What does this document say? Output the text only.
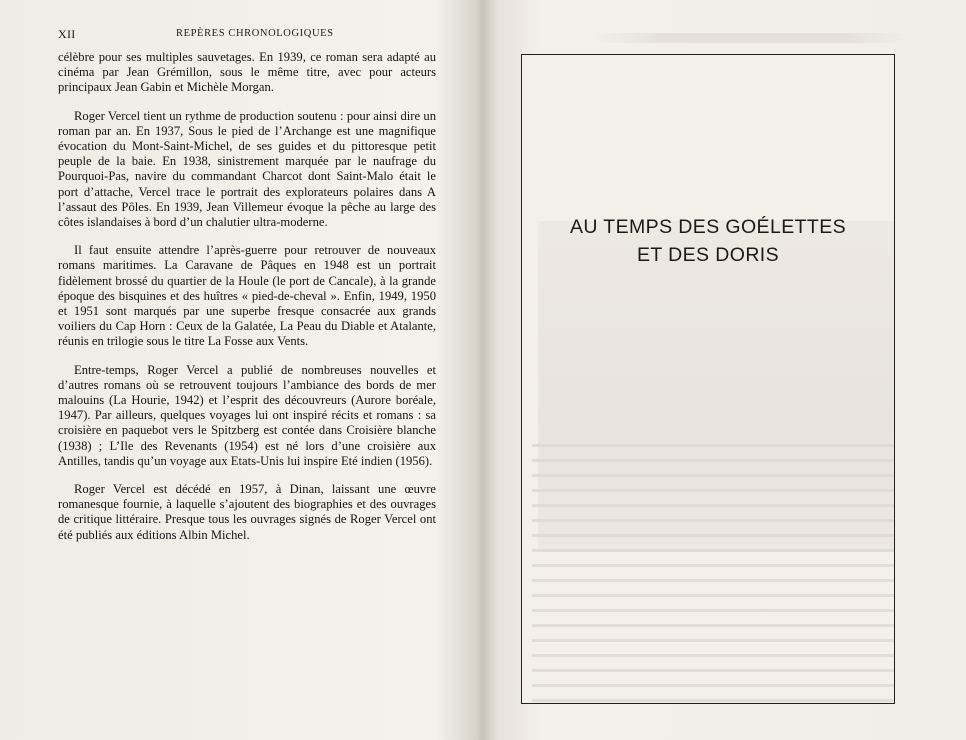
XII	REPÈRES CHRONOLOGIQUES

célèbre pour ses multiples sauvetages. En 1939, ce roman sera adapté au cinéma par Jean Grémillon, sous le même titre, avec pour acteurs principaux Jean Gabin et Michèle Morgan.

Roger Vercel tient un rythme de production soutenu : pour ainsi dire un roman par an. En 1937, Sous le pied de l’Archange est une magnifique évocation du Mont-Saint-Michel, de ses guides et du pittoresque petit peuple de la baie. En 1938, sinistrement marquée par le naufrage du Pourquoi-Pas, navire du commandant Charcot dont Saint-Malo était le port d’attache, Vercel trace le portrait des explorateurs polaires dans A l’assaut des Pôles. En 1939, Jean Villemeur évoque la pêche au large des côtes islandaises à bord d’un chalutier ultra-moderne.

Il faut ensuite attendre l’après-guerre pour retrouver de nouveaux romans maritimes. La Caravane de Pâques en 1948 est un portrait fidèlement brossé du quartier de la Houle (le port de Cancale), à la grande époque des bisquines et des huîtres « pied-de-cheval ». Enfin, 1949, 1950 et 1951 sont marqués par une superbe fresque consacrée aux grands voiliers du Cap Horn : Ceux de la Galatée, La Peau du Diable et Atalante, réunis en trilogie sous le titre La Fosse aux Vents.

Entre-temps, Roger Vercel a publié de nombreuses nouvelles et d’autres romans où se retrouvent toujours l’ambiance des bords de mer malouins (La Hourie, 1942) et l’esprit des découvreurs (Aurore boréale, 1947). Par ailleurs, quelques voyages lui ont inspiré récits et romans : sa croisière en paquebot vers le Spitzberg est contée dans Croisière blanche (1938) ; L’Ile des Revenants (1954) est né lors d’une croisière aux Antilles, tandis qu’un voyage aux Etats-Unis lui inspire Eté indien (1956).

Roger Vercel est décédé en 1957, à Dinan, laissant une œuvre romanesque fournie, à laquelle s’ajoutent des biographies et des ouvrages de critique littéraire. Presque tous les ouvrages signés de Roger Vercel ont été publiés aux éditions Albin Michel.

AU TEMPS DES GOÉLETTES
ET DES DORIS
